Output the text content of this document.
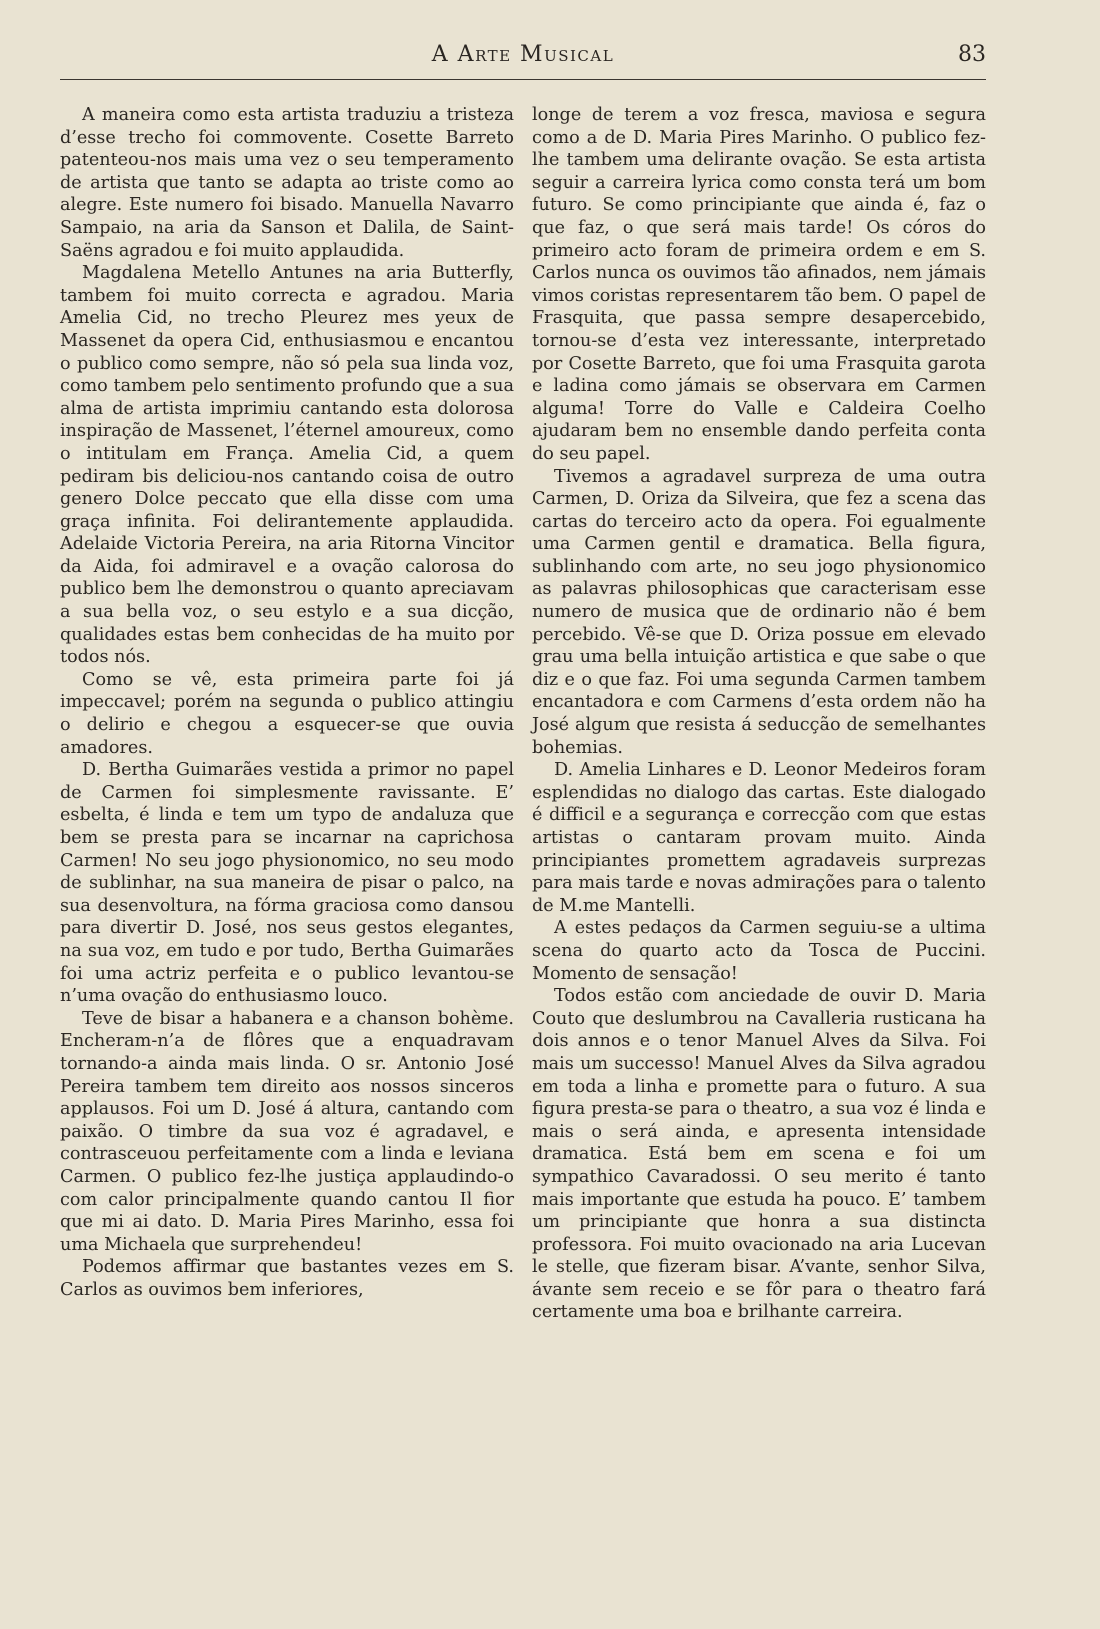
A Arte Musical	83

A maneira como esta artista traduziu a tristeza d’esse trecho foi commovente. Cosette Barreto patenteou-nos mais uma vez o seu temperamento de artista que tanto se adapta ao triste como ao alegre. Este numero foi bisado. Manuella Navarro Sampaio, na aria da Sanson et Dalila, de Saint-Saëns agradou e foi muito applaudida.

Magdalena Metello Antunes na aria Butterfly, tambem foi muito correcta e agradou. Maria Amelia Cid, no trecho Pleurez mes yeux de Massenet da opera Cid, enthusiasmou e encantou o publico como sempre, não só pela sua linda voz, como tambem pelo sentimento profundo que a sua alma de artista imprimiu cantando esta dolorosa inspiração de Massenet, l’éternel amoureux, como o intitulam em França. Amelia Cid, a quem pediram bis deliciou-nos cantando coisa de outro genero Dolce peccato que ella disse com uma graça infinita. Foi delirantemente applaudida. Adelaide Victoria Pereira, na aria Ritorna Vincitor da Aida, foi admiravel e a ovação calorosa do publico bem lhe demonstrou o quanto apreciavam a sua bella voz, o seu estylo e a sua dicção, qualidades estas bem conhecidas de ha muito por todos nós.

Como se vê, esta primeira parte foi já impeccavel; porém na segunda o publico attingiu o delirio e chegou a esquecer-se que ouvia amadores.

D. Bertha Guimarães vestida a primor no papel de Carmen foi simplesmente ravissante. E’ esbelta, é linda e tem um typo de andaluza que bem se presta para se incarnar na caprichosa Carmen! No seu jogo physionomico, no seu modo de sublinhar, na sua maneira de pisar o palco, na sua desenvoltura, na fórma graciosa como dansou para divertir D. José, nos seus gestos elegantes, na sua voz, em tudo e por tudo, Bertha Guimarães foi uma actriz perfeita e o publico levantou-se n’uma ovação do enthusiasmo louco.

Teve de bisar a habanera e a chanson bohème. Encheram-n’a de flôres que a enquadravam tornando-a ainda mais linda. O sr. Antonio José Pereira tambem tem direito aos nossos sinceros applausos. Foi um D. José á altura, cantando com paixão. O timbre da sua voz é agradavel, e contrasceuou perfeitamente com a linda e leviana Carmen. O publico fez-lhe justiça applaudindo-o com calor principalmente quando cantou Il fior que mi ai dato. D. Maria Pires Marinho, essa foi uma Michaela que surprehendeu!

Podemos affirmar que bastantes vezes em S. Carlos as ouvimos bem inferiores,

longe de terem a voz fresca, maviosa e segura como a de D. Maria Pires Marinho. O publico fez-lhe tambem uma delirante ovação. Se esta artista seguir a carreira lyrica como consta terá um bom futuro. Se como principiante que ainda é, faz o que faz, o que será mais tarde! Os córos do primeiro acto foram de primeira ordem e em S. Carlos nunca os ouvimos tão afinados, nem jámais vimos coristas representarem tão bem. O papel de Frasquita, que passa sempre desapercebido, tornou-se d’esta vez interessante, interpretado por Cosette Barreto, que foi uma Frasquita garota e ladina como jámais se observara em Carmen alguma! Torre do Valle e Caldeira Coelho ajudaram bem no ensemble dando perfeita conta do seu papel.

Tivemos a agradavel surpreza de uma outra Carmen, D. Oriza da Silveira, que fez a scena das cartas do terceiro acto da opera. Foi egualmente uma Carmen gentil e dramatica. Bella figura, sublinhando com arte, no seu jogo physionomico as palavras philosophicas que caracterisam esse numero de musica que de ordinario não é bem percebido. Vê-se que D. Oriza possue em elevado grau uma bella intuição artistica e que sabe o que diz e o que faz. Foi uma segunda Carmen tambem encantadora e com Carmens d’esta ordem não ha José algum que resista á seducção de semelhantes bohemias.

D. Amelia Linhares e D. Leonor Medeiros foram esplendidas no dialogo das cartas. Este dialogado é difficil e a segurança e correcção com que estas artistas o cantaram provam muito. Ainda principiantes promettem agradaveis surprezas para mais tarde e novas admirações para o talento de M.me Mantelli.

A estes pedaços da Carmen seguiu-se a ultima scena do quarto acto da Tosca de Puccini. Momento de sensação!

Todos estão com anciedade de ouvir D. Maria Couto que deslumbrou na Cavalleria rusticana ha dois annos e o tenor Manuel Alves da Silva. Foi mais um successo! Manuel Alves da Silva agradou em toda a linha e promette para o futuro. A sua figura presta-se para o theatro, a sua voz é linda e mais o será ainda, e apresenta intensidade dramatica. Está bem em scena e foi um sympathico Cavaradossi. O seu merito é tanto mais importante que estuda ha pouco. E’ tambem um principiante que honra a sua distincta professora. Foi muito ovacionado na aria Lucevan le stelle, que fizeram bisar. A’vante, senhor Silva, ávante sem receio e se fôr para o theatro fará certamente uma boa e brilhante carreira.
